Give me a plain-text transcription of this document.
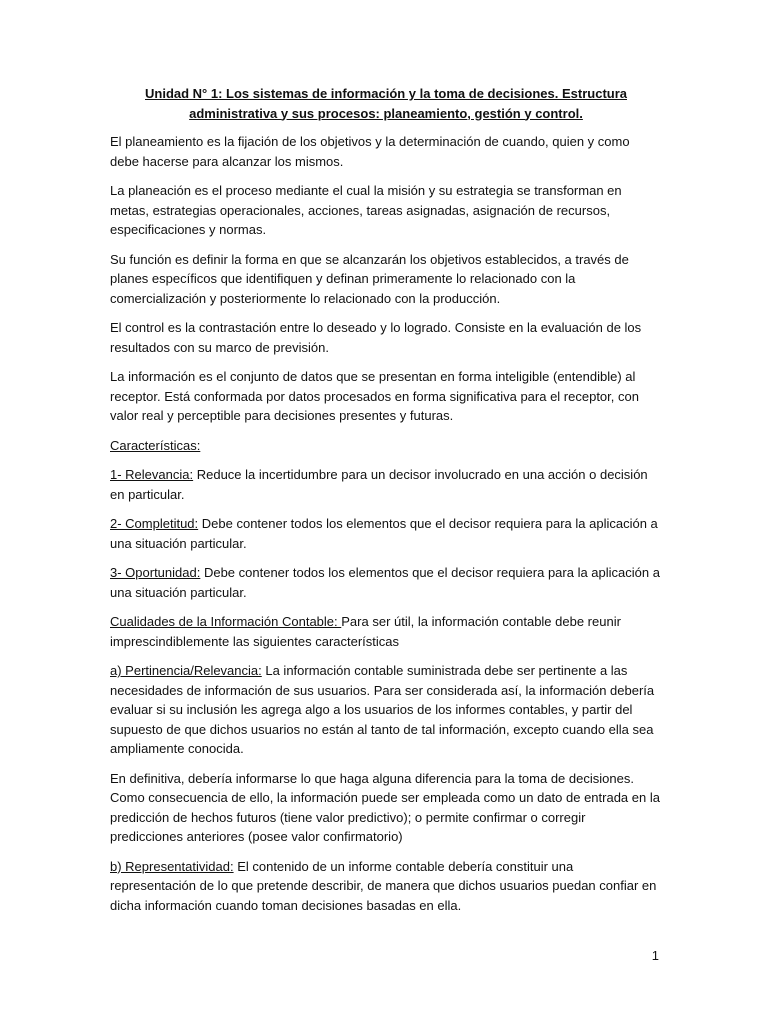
Unidad N° 1: Los sistemas de información y la toma de decisiones. Estructura administrativa y sus procesos: planeamiento, gestión y control.

El planeamiento es la fijación de los objetivos y la determinación de cuando, quien y como debe hacerse para alcanzar los mismos.

La planeación es el proceso mediante el cual la misión y su estrategia se transforman en metas, estrategias operacionales, acciones, tareas asignadas, asignación de recursos, especificaciones y normas.

Su función es definir la forma en que se alcanzarán los objetivos establecidos, a través de planes específicos que identifiquen y definan primeramente lo relacionado con la comercialización y posteriormente lo relacionado con la producción.

El control es la contrastación entre lo deseado y lo logrado. Consiste en la evaluación de los resultados con su marco de previsión.

La información es el conjunto de datos que se presentan en forma inteligible (entendible) al receptor. Está conformada por datos procesados en forma significativa para el receptor, con valor real y perceptible para decisiones presentes y futuras.

Características:

1- Relevancia: Reduce la incertidumbre para un decisor involucrado en una acción o decisión en particular.

2- Completitud: Debe contener todos los elementos que el decisor requiera para la aplicación a una situación particular.

3- Oportunidad: Debe contener todos los elementos que el decisor requiera para la aplicación a una situación particular.

Cualidades de la Información Contable: Para ser útil, la información contable debe reunir imprescindiblemente las siguientes características

a) Pertinencia/Relevancia: La información contable suministrada debe ser pertinente a las necesidades de información de sus usuarios. Para ser considerada así, la información debería evaluar si su inclusión les agrega algo a los usuarios de los informes contables, y partir del supuesto de que dichos usuarios no están al tanto de tal información, excepto cuando ella sea ampliamente conocida.

En definitiva, debería informarse lo que haga alguna diferencia para la toma de decisiones. Como consecuencia de ello, la información puede ser empleada como un dato de entrada en la predicción de hechos futuros (tiene valor predictivo); o permite confirmar o corregir predicciones anteriores (posee valor confirmatorio)

b) Representatividad: El contenido de un informe contable debería constituir una representación de lo que pretende describir, de manera que dichos usuarios puedan confiar en dicha información cuando toman decisiones basadas en ella.

1
